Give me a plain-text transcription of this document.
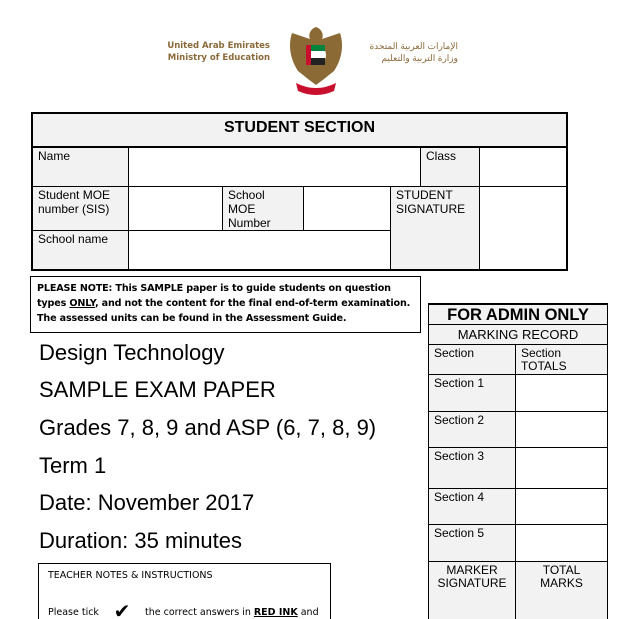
United Arab Emirates
Ministry of Education
الإمارات العربية المتحدة
وزارة التربية والتعليم
STUDENT SECTION
Name	Class
Student MOE number (SIS)
School MOE Number
STUDENT SIGNATURE
School name
PLEASE NOTE: This SAMPLE paper is to guide students on question types ONLY, and not the content for the final end-of-term examination. The assessed units can be found in the Assessment Guide.
Design Technology
SAMPLE EXAM PAPER
Grades 7, 8, 9 and ASP (6, 7, 8, 9)
Term 1
Date: November 2017
Duration: 35 minutes
FOR ADMIN ONLY
MARKING RECORD
Section	Section TOTALS
Section 1
Section 2
Section 3
Section 4
Section 5
MARKER SIGNATURE
TOTAL MARKS
TEACHER NOTES & INSTRUCTIONS
Please tick ✔ the correct answers in RED INK and
